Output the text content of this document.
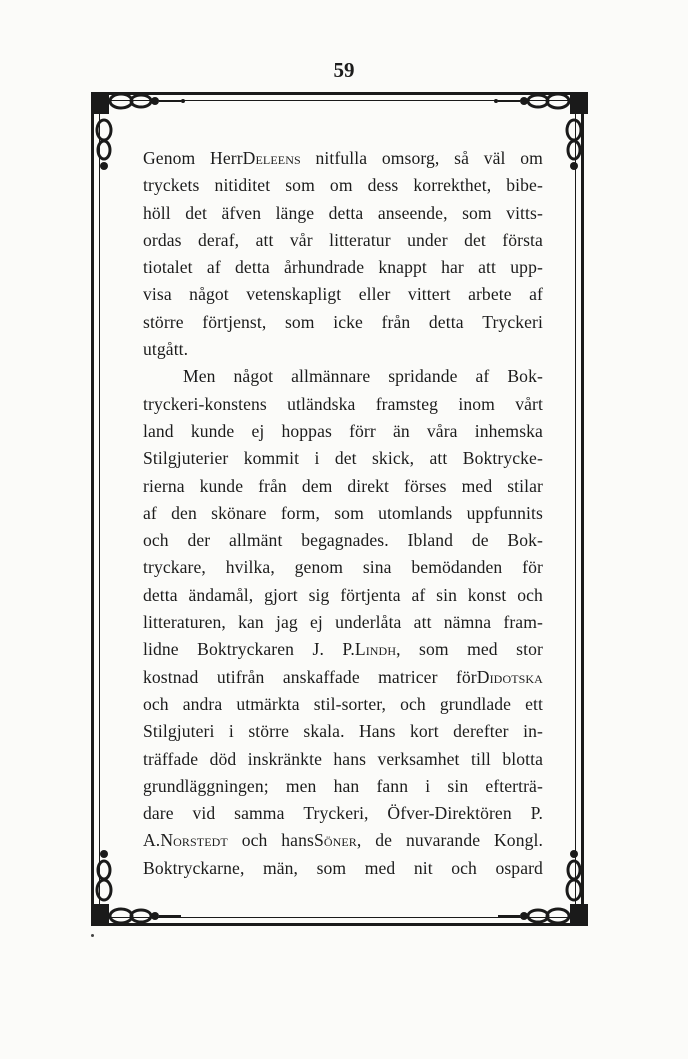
59
Genom HerrDeleens nitfulla omsorg, så väl om
tryckets nitiditet som om dess korrekthet, bibe-
höll det äfven länge detta anseende, som vitts-
ordas deraf, att vår litteratur under det första
tiotalet af detta århundrade knappt har att upp-
visa något vetenskapligt eller vittert arbete af
större förtjenst, som icke från detta Tryckeri
utgått.
Men något allmännare spridande af Bok-
tryckeri-konstens utländska framsteg inom vårt
land kunde ej hoppas förr än våra inhemska
Stilgjuterier kommit i det skick, att Boktrycke-
rierna kunde från dem direkt förses med stilar
af den skönare form, som utomlands uppfunnits
och der allmänt begagnades. Ibland de Bok-
tryckare, hvilka, genom sina bemödanden för
detta ändamål, gjort sig förtjenta af sin konst och
litteraturen, kan jag ej underlåta att nämna fram-
lidne Boktryckaren J. P.Lindh, som med stor
kostnad utifrån anskaffade matricer förDidotska
och andra utmärkta stil-sorter, och grundlade ett
Stilgjuteri i större skala. Hans kort derefter in-
träffade död inskränkte hans verksamhet till blotta
grundläggningen; men han fann i sin efterträ-
dare vid samma Tryckeri, Öfver-Direktören P.
A.Norstedt och hansSöner, de nuvarande Kongl.
Boktryckarne, män, som med nit och ospard
